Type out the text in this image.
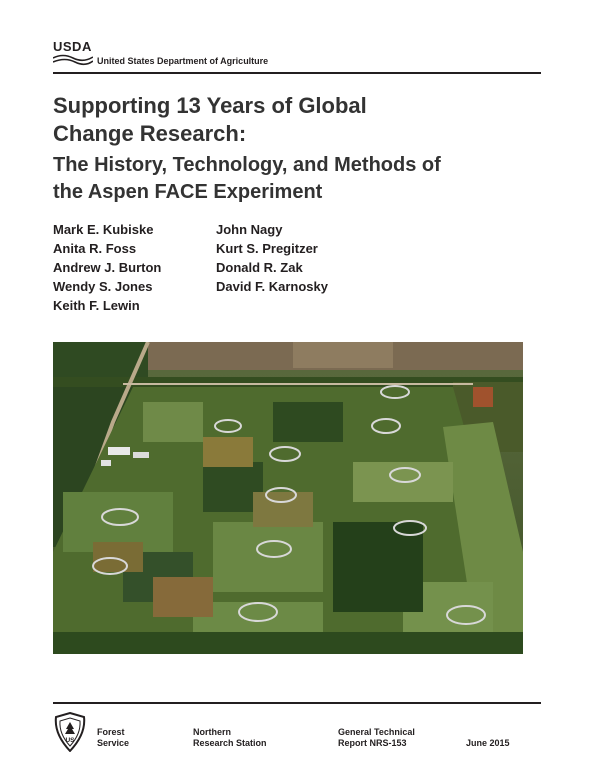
USDA
United States Department of Agriculture
Supporting 13 Years of Global
Change Research:
The History, Technology, and Methods of
the Aspen FACE Experiment
Mark E. Kubiske
Anita R. Foss
Andrew J. Burton
Wendy S. Jones
Keith F. Lewin
John Nagy
Kurt S. Pregitzer
Donald R. Zak
David F. Karnosky
US
Forest
Service
Northern
Research Station
General Technical
Report NRS-153
	June 2015
